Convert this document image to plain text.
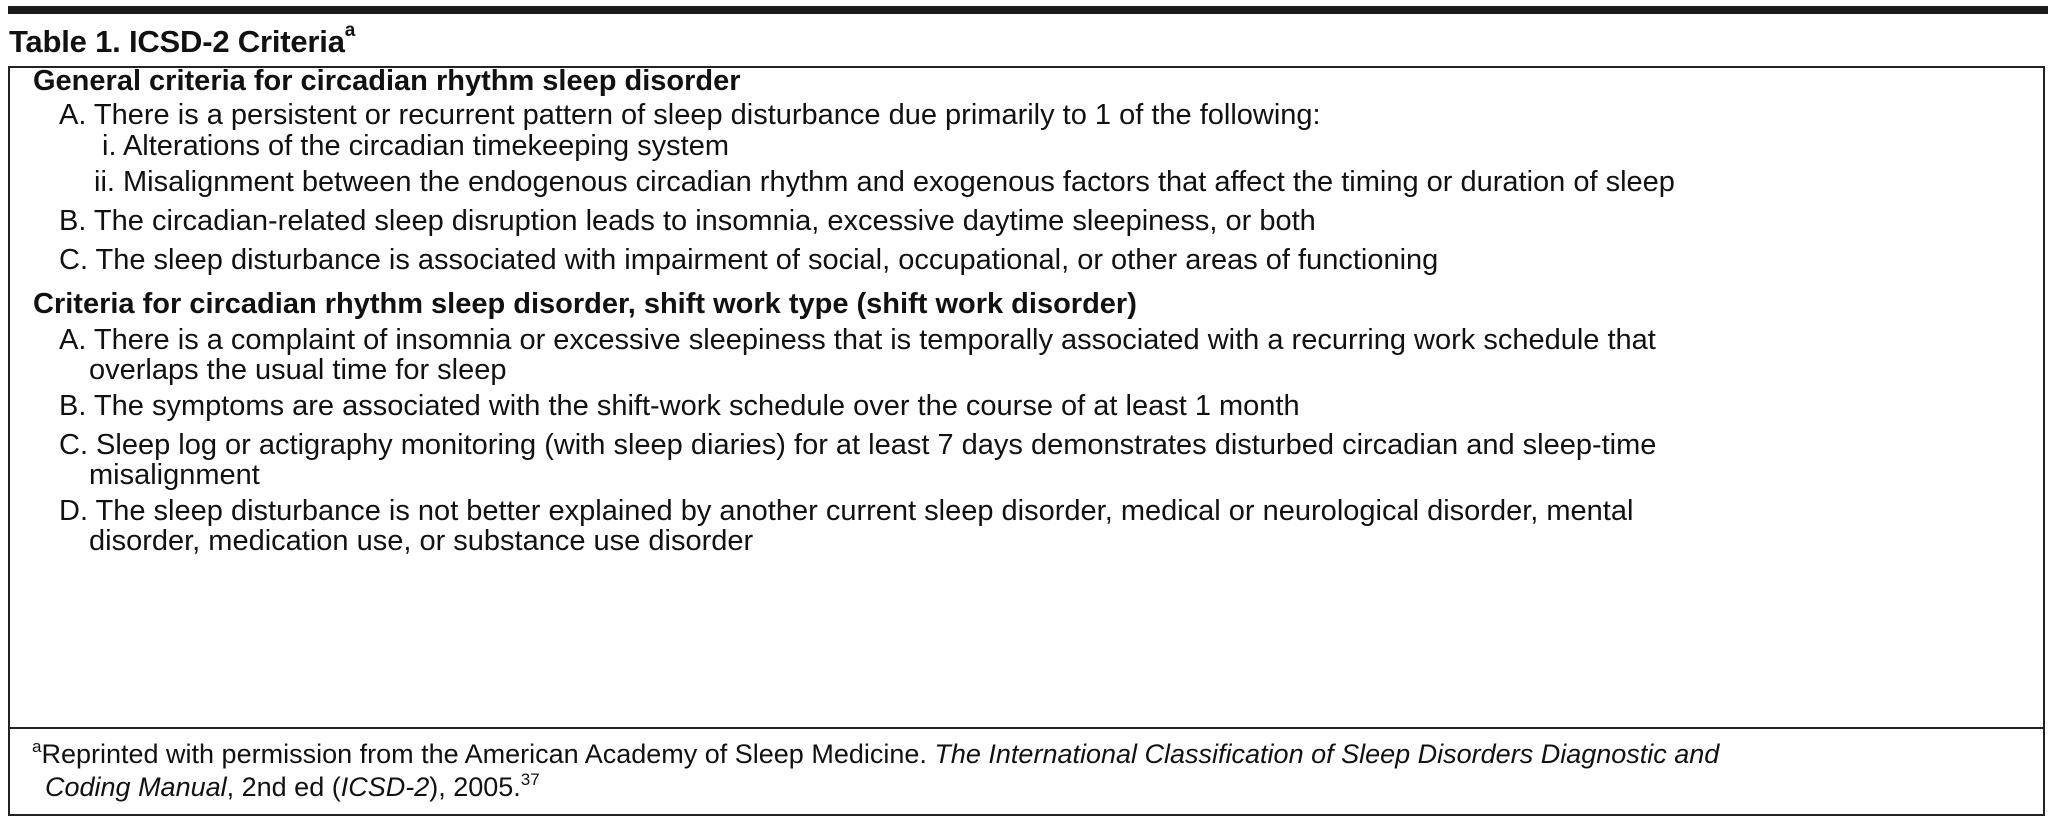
Table 1. ICSD-2 Criteria$^a$
General criteria for circadian rhythm sleep disorder
A. There is a persistent or recurrent pattern of sleep disturbance due primarily to 1 of the following:
i. Alterations of the circadian timekeeping system
ii. Misalignment between the endogenous circadian rhythm and exogenous factors that affect the timing or duration of sleep
B. The circadian-related sleep disruption leads to insomnia, excessive daytime sleepiness, or both
C. The sleep disturbance is associated with impairment of social, occupational, or other areas of functioning
Criteria for circadian rhythm sleep disorder, shift work type (shift work disorder)
A. There is a complaint of insomnia or excessive sleepiness that is temporally associated with a recurring work schedule that
overlaps the usual time for sleep
B. The symptoms are associated with the shift-work schedule over the course of at least 1 month
C. Sleep log or actigraphy monitoring (with sleep diaries) for at least 7 days demonstrates disturbed circadian and sleep-time
misalignment
D. The sleep disturbance is not better explained by another current sleep disorder, medical or neurological disorder, mental
disorder, medication use, or substance use disorder
$^a$Reprinted with permission from the American Academy of Sleep Medicine. The International Classification of Sleep Disorders Diagnostic and
Coding Manual, 2nd ed (ICSD-2), 2005.37
